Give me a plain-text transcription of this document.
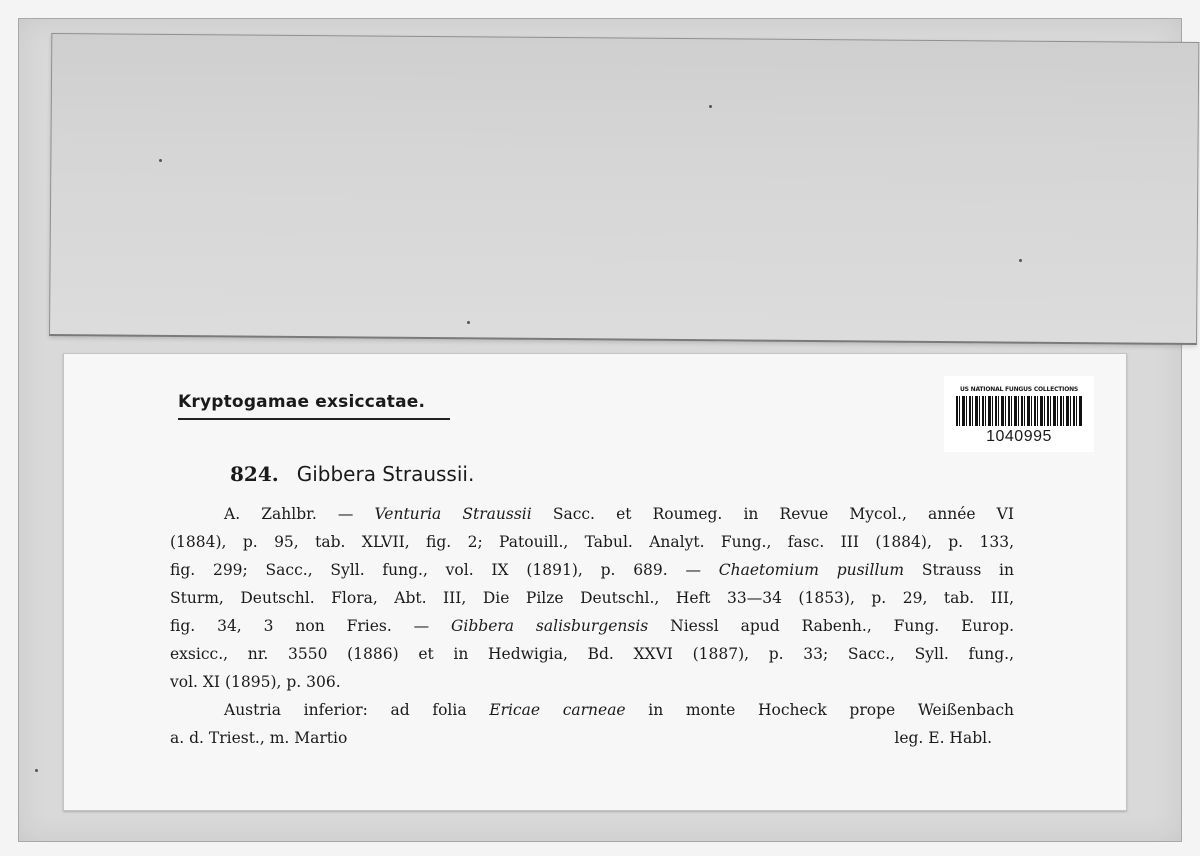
Kryptogamae exsiccatae.
US NATIONAL FUNGUS COLLECTIONS
1040995
824. Gibbera Straussii.
A. Zahlbr. — Venturia Straussii Sacc. et Roumeg. in Revue Mycol., année VI
(1884), p. 95, tab. XLVII, fig. 2; Patouill., Tabul. Analyt. Fung., fasc. III (1884), p. 133,
fig. 299; Sacc., Syll. fung., vol. IX (1891), p. 689. — Chaetomium pusillum Strauss in
Sturm, Deutschl. Flora, Abt. III, Die Pilze Deutschl., Heft 33—34 (1853), p. 29, tab. III,
fig. 34, 3 non Fries. — Gibbera salisburgensis Niessl apud Rabenh., Fung. Europ.
exsicc., nr. 3550 (1886) et in Hedwigia, Bd. XXVI (1887), p. 33; Sacc., Syll. fung.,
vol. XI (1895), p. 306.
Austria inferior: ad folia Ericae carneae in monte Hocheck prope Weißenbach
a. d. Triest., m. Martio	leg. E. Habl.
